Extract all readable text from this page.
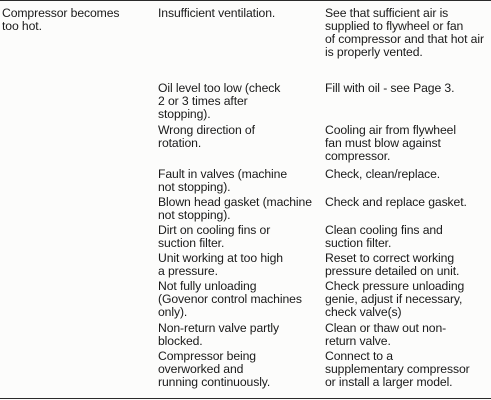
Compressor becomes
too hot.
Insufficient ventilation.	See that sufficient air is
supplied to flywheel or fan
of compressor and that hot air
is properly vented.
Oil level too low (check
2 or 3 times after
stopping).
Fill with oil - see Page 3.
Wrong direction of
rotation.
Cooling air from flywheel
fan must blow against
compressor.
Fault in valves (machine
not stopping).
Check, clean/replace.
Blown head gasket (machine
not stopping).
Check and replace gasket.
Dirt on cooling fins or
suction filter.
Clean cooling fins and
suction filter.
Unit working at too high
a pressure.
Reset to correct working
pressure detailed on unit.
Not fully unloading
(Govenor control machines
only).
Check pressure unloading
genie, adjust if necessary,
check valve(s)
Non-return valve partly
blocked.
Clean or thaw out non-
return valve.
Compressor being
overworked and
running continuously.
Connect to a
supplementary compressor
or install a larger model.
